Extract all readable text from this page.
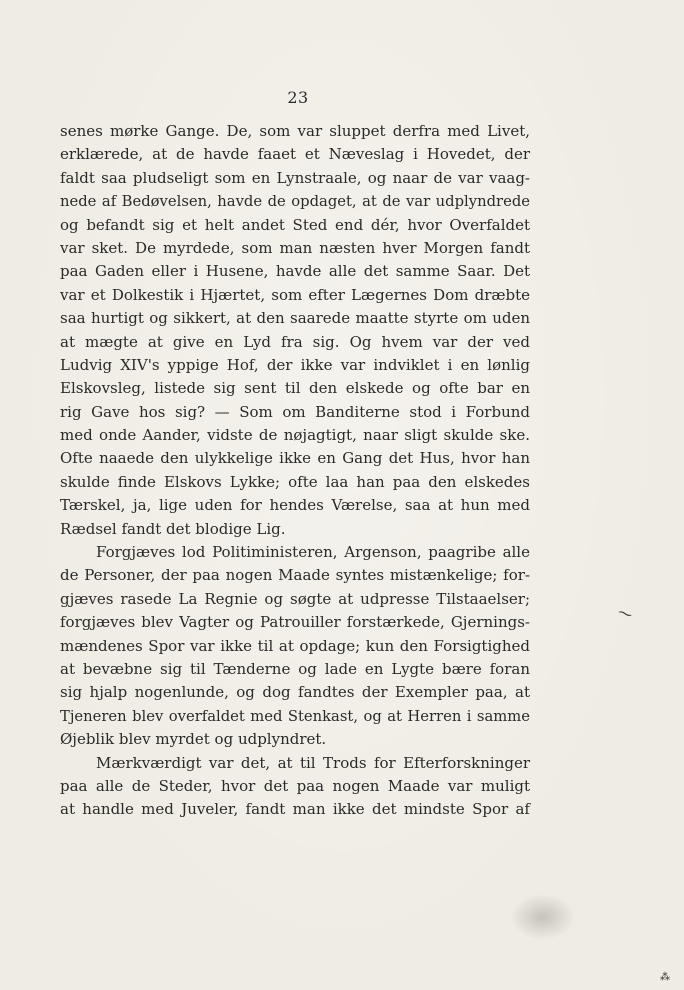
23
senes mørke Gange. De, som var sluppet derfra med Livet,
erklærede, at de havde faaet et Næveslag i Hovedet, der
faldt saa pludseligt som en Lynstraale, og naar de var vaag-
nede af Bedøvelsen, havde de opdaget, at de var udplyndrede
og befandt sig et helt andet Sted end dér, hvor Overfaldet
var sket. De myrdede, som man næsten hver Morgen fandt
paa Gaden eller i Husene, havde alle det samme Saar. Det
var et Dolkestik i Hjærtet, som efter Lægernes Dom dræbte
saa hurtigt og sikkert, at den saarede maatte styrte om uden
at mægte at give en Lyd fra sig. Og hvem var der ved
Ludvig XIV's yppige Hof, der ikke var indviklet i en lønlig
Elskovsleg, listede sig sent til den elskede og ofte bar en
rig Gave hos sig? — Som om Banditerne stod i Forbund
med onde Aander, vidste de nøjagtigt, naar sligt skulde ske.
Ofte naaede den ulykkelige ikke en Gang det Hus, hvor han
skulde finde Elskovs Lykke; ofte laa han paa den elskedes
Tærskel, ja, lige uden for hendes Værelse, saa at hun med
Rædsel fandt det blodige Lig.
Forgjæves lod Politiministeren, Argenson, paagribe alle
de Personer, der paa nogen Maade syntes mistænkelige; for-
gjæves rasede La Regnie og søgte at udpresse Tilstaaelser;
forgjæves blev Vagter og Patrouiller forstærkede, Gjernings-
mændenes Spor var ikke til at opdage; kun den Forsigtighed
at bevæbne sig til Tænderne og lade en Lygte bære foran
sig hjalp nogenlunde, og dog fandtes der Exempler paa, at
Tjeneren blev overfaldet med Stenkast, og at Herren i samme
Øjeblik blev myrdet og udplyndret.
Mærkværdigt var det, at til Trods for Efterforskninger
paa alle de Steder, hvor det paa nogen Maade var muligt
at handle med Juveler, fandt man ikke det mindste Spor af
⁓
⁂
